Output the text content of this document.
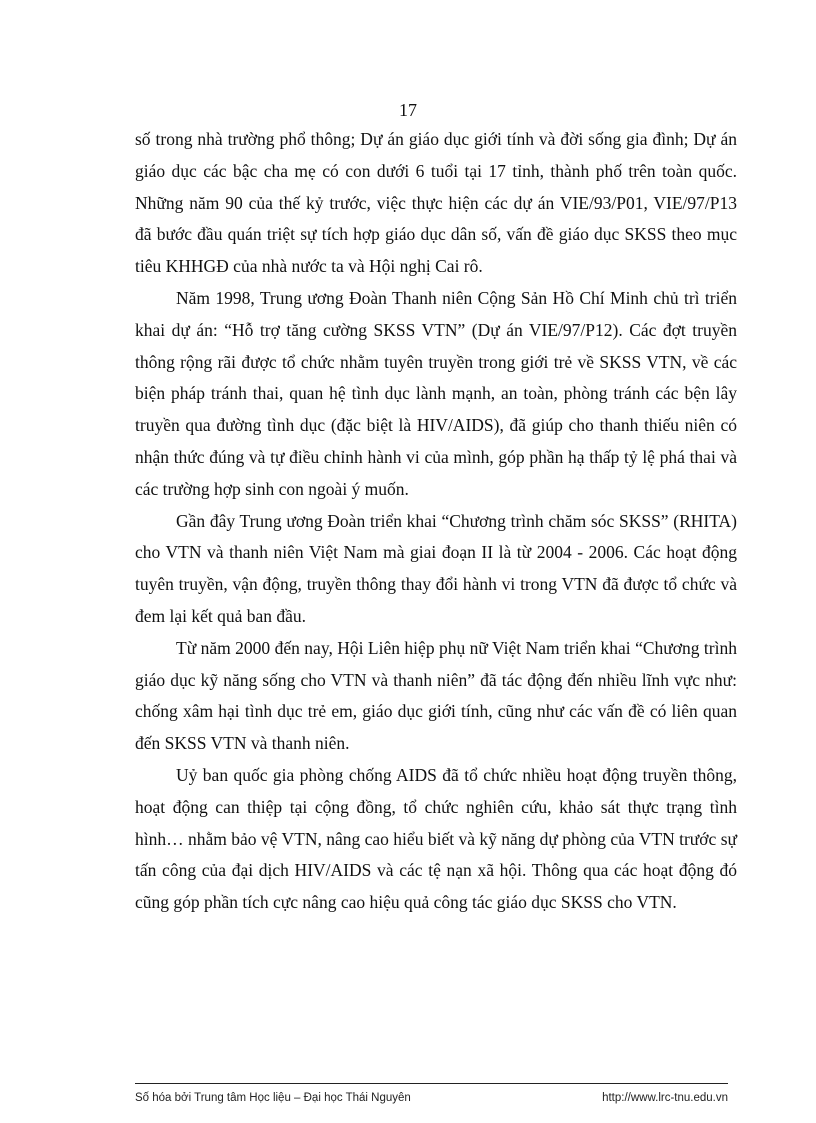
17

số trong nhà trường phổ thông; Dự án giáo dục giới tính và đời sống gia đình; Dự án giáo dục các bậc cha mẹ có con dưới 6 tuổi tại 17 tỉnh, thành phố trên toàn quốc. Những năm 90 của thế kỷ trước, việc thực hiện các dự án VIE/93/P01, VIE/97/P13 đã bước đầu quán triệt sự tích hợp giáo dục dân số, vấn đề giáo dục SKSS theo mục tiêu KHHGĐ của nhà nước ta và Hội nghị Cai rô.

Năm 1998, Trung ương Đoàn Thanh niên Cộng Sản Hồ Chí Minh chủ trì triển khai dự án: “Hỗ trợ tăng cường SKSS VTN” (Dự án VIE/97/P12). Các đợt truyền thông rộng rãi được tổ chức nhằm tuyên truyền trong giới trẻ về SKSS VTN, về các biện pháp tránh thai, quan hệ tình dục lành mạnh, an toàn, phòng tránh các bện lây truyền qua đường tình dục (đặc biệt là HIV/AIDS), đã giúp cho thanh thiếu niên có nhận thức đúng và tự điều chỉnh hành vi của mình, góp phần hạ thấp tỷ lệ phá thai và các trường hợp sinh con ngoài ý muốn.

Gần đây Trung ương Đoàn triển khai “Chương trình chăm sóc SKSS” (RHITA) cho VTN và thanh niên Việt Nam mà giai đoạn II là từ 2004 - 2006. Các hoạt động tuyên truyền, vận động, truyền thông thay đổi hành vi trong VTN đã được tổ chức và đem lại kết quả ban đầu.

Từ năm 2000 đến nay, Hội Liên hiệp phụ nữ Việt Nam triển khai “Chương trình giáo dục kỹ năng sống cho VTN và thanh niên” đã tác động đến nhiều lĩnh vực như: chống xâm hại tình dục trẻ em, giáo dục giới tính, cũng như các vấn đề có liên quan đến SKSS VTN và thanh niên.

Uỷ ban quốc gia phòng chống AIDS đã tổ chức nhiều hoạt động truyền thông, hoạt động can thiệp tại cộng đồng, tổ chức nghiên cứu, khảo sát thực trạng tình hình… nhằm bảo vệ VTN, nâng cao hiểu biết và kỹ năng dự phòng của VTN trước sự tấn công của đại dịch HIV/AIDS và các tệ nạn xã hội. Thông qua các hoạt động đó cũng góp phần tích cực nâng cao hiệu quả công tác giáo dục SKSS cho VTN.

Số hóa bởi Trung tâm Học liệu – Đại học Thái Nguyên	http://www.lrc-tnu.edu.vn
